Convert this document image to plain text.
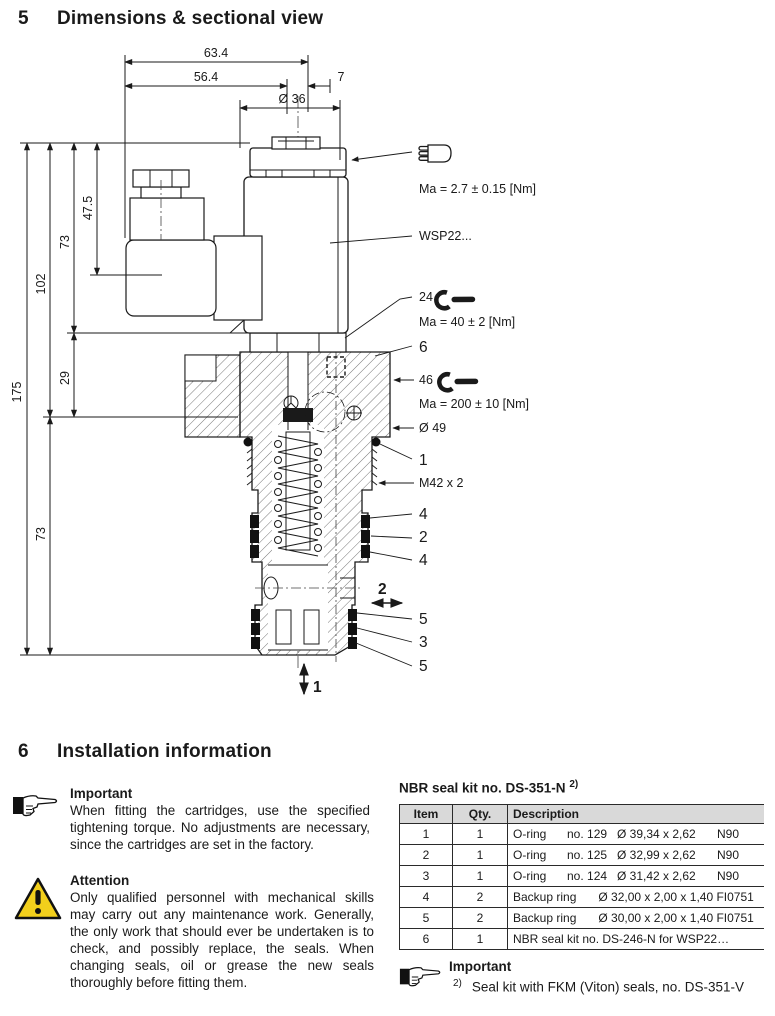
5 Dimensions & sectional view
63.4
56.4	7
Ø 36
175
102
73
29
73
47.5
Ma = 2.7 ± 0.15 [Nm]
WSP22...
24
Ma = 40 ± 2 [Nm]
6
46
Ma = 200 ± 10 [Nm]
Ø 49
1
M42 x 2
4
2
4
2
5
3
5
1
6 Installation information
Important
When fitting the cartridges, use the specified tightening torque. No adjustments are necessary, since the cartridges are set in the factory.
Attention
Only qualified personnel with mechanical skills may carry out any maintenance work. Generally, the only work that should ever be undertaken is to check, and possibly replace, the seals. When changing seals, oil or grease the new seals thoroughly before fitting them.
NBR seal kit no. DS-351-N $^{2)}$
Item	Qty.	Description
1	1	O-ring no. 129 Ø 39,34 x 2,62 N90
2	1	O-ring no. 125 Ø 32,99 x 2,62 N90
3	1	O-ring no. 124 Ø 31,42 x 2,62 N90
4	2	Backup ring Ø 32,00 x 2,00 x 1,40 FI0751
5	2	Backup ring Ø 30,00 x 2,00 x 1,40 FI0751
6	1	NBR seal kit no. DS-246-N for WSP22…
Important
$^{2)}$ Seal kit with FKM (Viton) seals, no. DS-351-V
